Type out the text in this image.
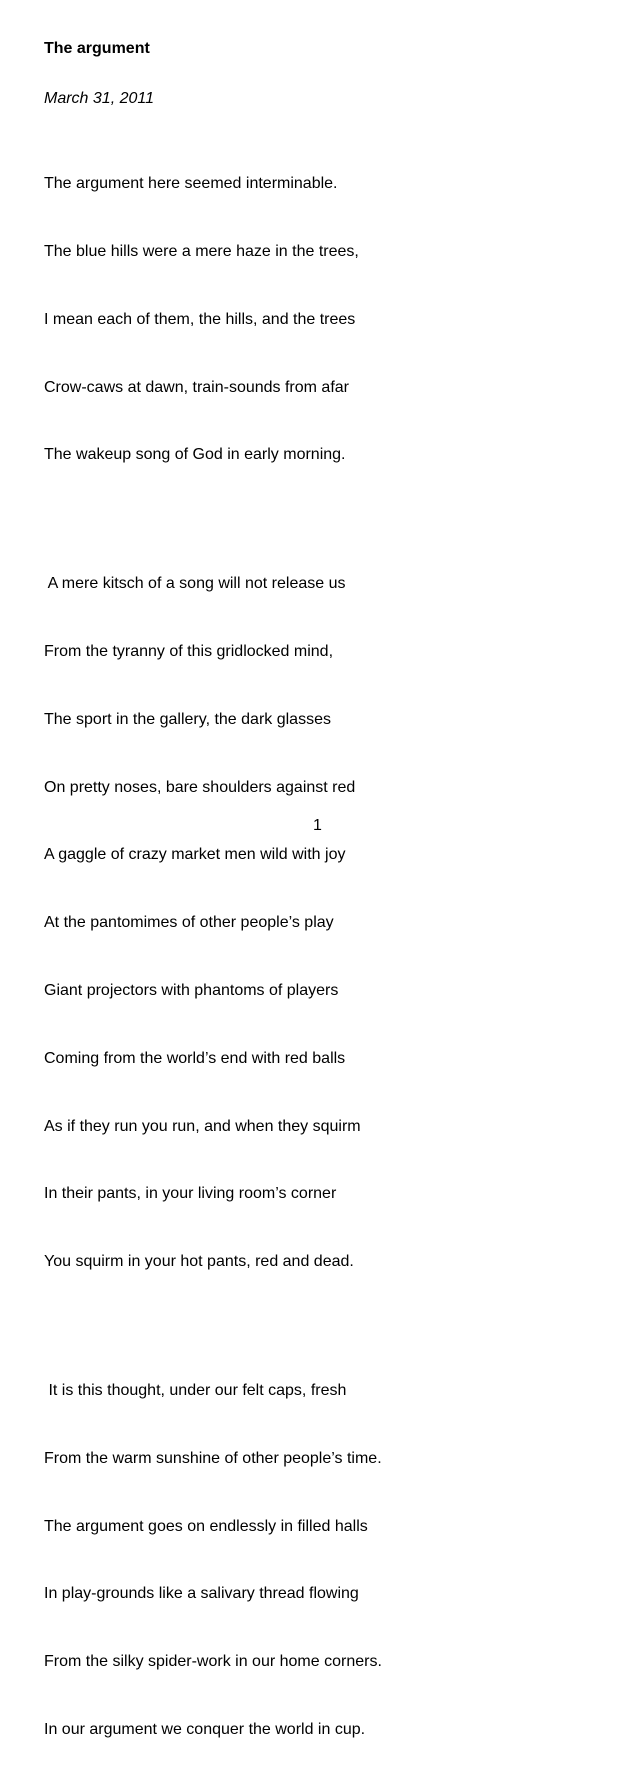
The argument
March 31, 2011

The argument here seemed interminable.

The blue hills were a mere haze in the trees,

I mean each of them, the hills, and the trees

Crow-caws at dawn, train-sounds from afar

The wakeup song of God in early morning.

A mere kitsch of a song will not release us

From the tyranny of this gridlocked mind,

The sport in the gallery, the dark glasses

On pretty noses, bare shoulders against red

A gaggle of crazy market men wild with joy

At the pantomimes of other people’s play

Giant projectors with phantoms of players

Coming from the world’s end with red balls

As if they run you run, and when they squirm

In their pants, in your living room’s corner

You squirm in your hot pants, red and dead.

It is this thought, under our felt caps, fresh

From the warm sunshine of other people’s time.

The argument goes on endlessly in filled halls

In play-grounds like a salivary thread flowing

From the silky spider-work in our home corners.

In our argument we conquer the world in cup.

1
